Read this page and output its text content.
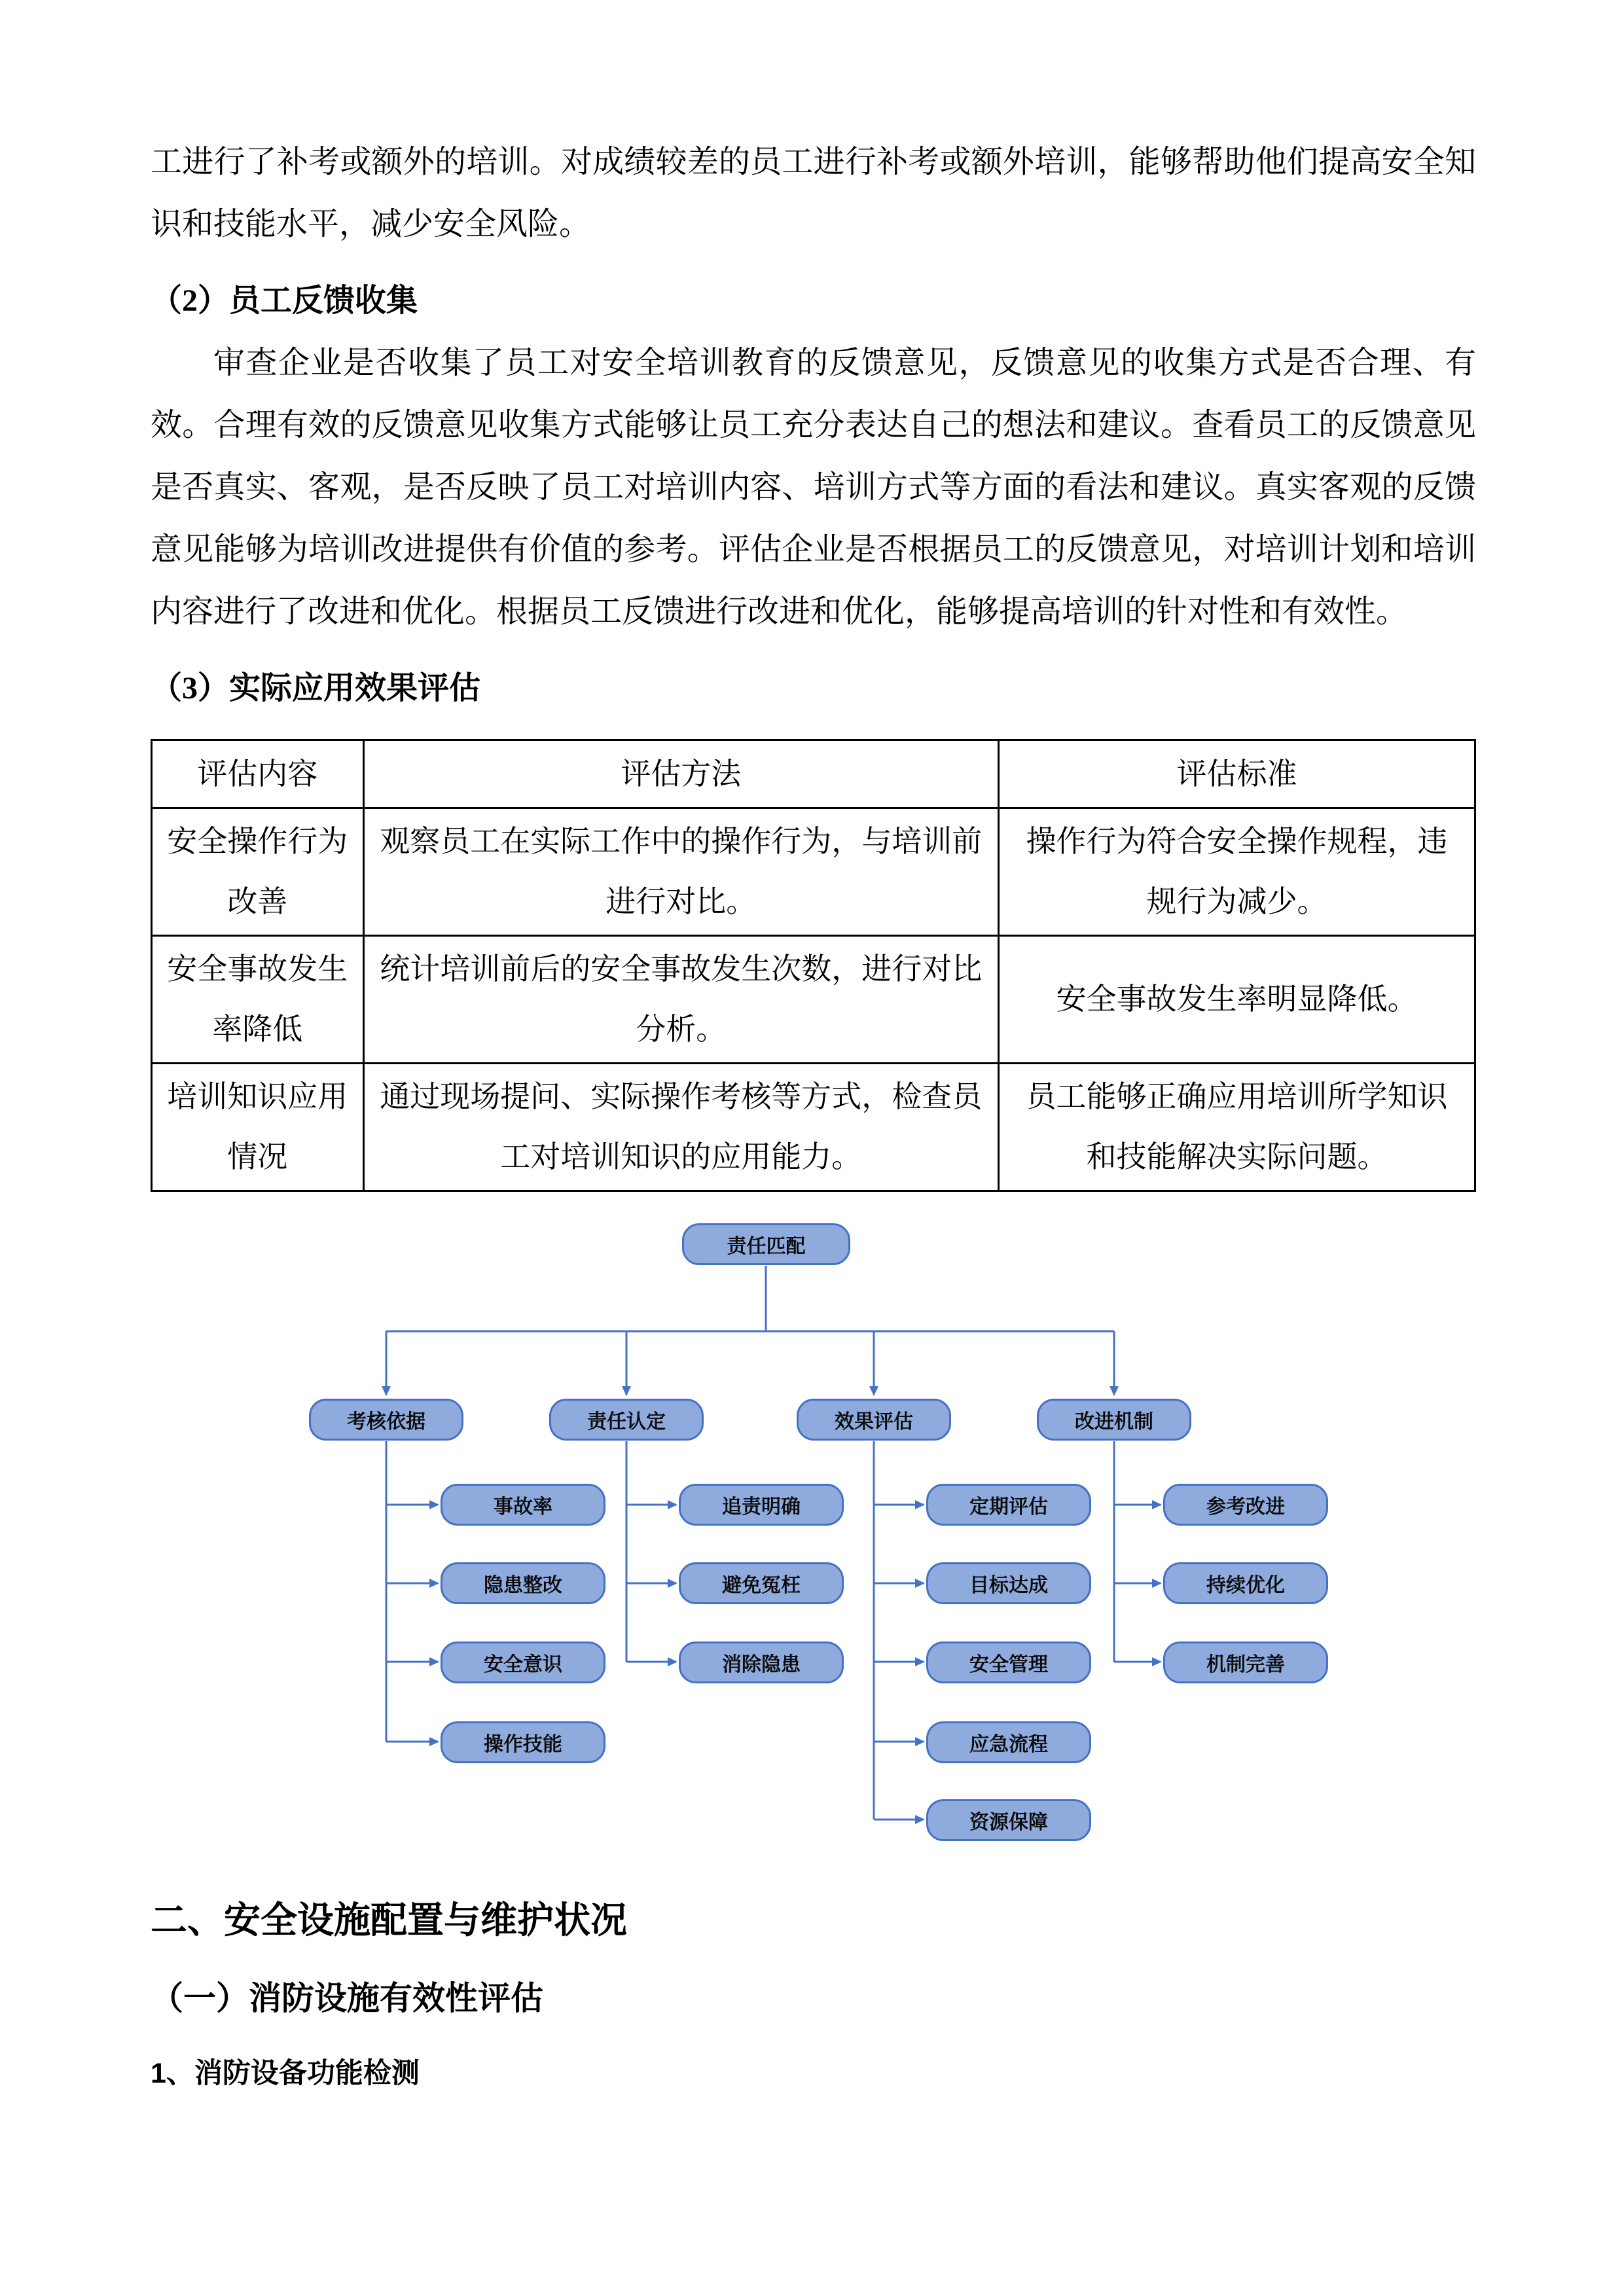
工进行了补考或额外的培训。对成绩较差的员工进行补考或额外培训，能够帮助他们提高安全知识和技能水平，减少安全风险。

（2）员工反馈收集

审查企业是否收集了员工对安全培训教育的反馈意见，反馈意见的收集方式是否合理、有效。合理有效的反馈意见收集方式能够让员工充分表达自己的想法和建议。查看员工的反馈意见是否真实、客观，是否反映了员工对培训内容、培训方式等方面的看法和建议。真实客观的反馈意见能够为培训改进提供有价值的参考。评估企业是否根据员工的反馈意见，对培训计划和培训内容进行了改进和优化。根据员工反馈进行改进和优化，能够提高培训的针对性和有效性。

（3）实际应用效果评估

评估内容	评估方法	评估标准
安全操作行为改善	观察员工在实际工作中的操作行为，与培训前进行对比。	操作行为符合安全操作规程，违规行为减少。
安全事故发生率降低	统计培训前后的安全事故发生次数，进行对比分析。	安全事故发生率明显降低。
培训知识应用情况	通过现场提问、实际操作考核等方式，检查员工对培训知识的应用能力。	员工能够正确应用培训所学知识和技能解决实际问题。
责任匹配
考核依据	责任认定	效果评估	改进机制
事故率
隐患整改
安全意识
操作技能
追责明确
避免冤枉
消除隐患
定期评估
目标达成
安全管理
应急流程
资源保障
参考改进
持续优化
机制完善

二、安全设施配置与维护状况

（一）消防设施有效性评估

1、消防设备功能检测
